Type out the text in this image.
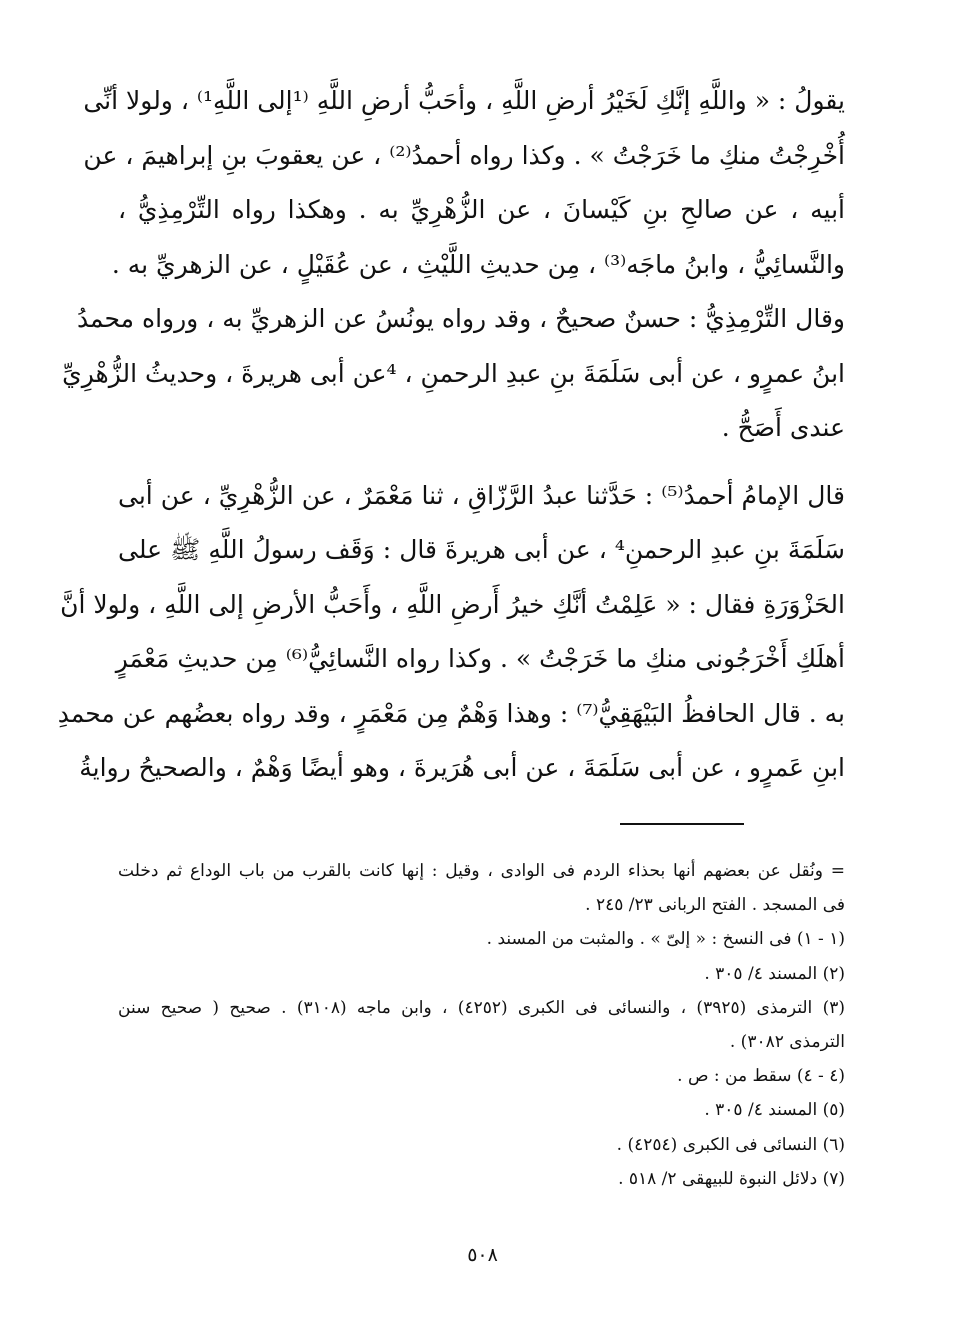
يقولُ : « واللَّهِ إنَّكِ لَخَيْرُ أرضِ اللَّهِ ، وأحَبُّ أرضِ اللَّهِ ⁽¹إلى اللَّهِ¹⁾ ، ولولا أنِّى
أُخْرِجْتُ منكِ ما خَرَجْتُ » . وكذا رواه أحمدُ⁽²⁾ ، عن يعقوبَ بنِ إبراهيمَ ، عن
أبيه ، عن صالحِ بنِ كَيْسانَ ، عن الزُّهْرِيِّ به . وهكذا رواه التِّرْمِذِيُّ ،
والنَّسائِيُّ ، وابنُ ماجَه⁽³⁾ ، مِن حديثِ اللَّيْثِ ، عن عُقَيْلٍ ، عن الزهريِّ به .
وقال التِّرْمِذِيُّ : حسنٌ صحيحٌ ، وقد رواه يونُسُ عن الزهريِّ به ، ورواه محمدُ
ابنُ عمرٍو ، عن أبى سَلَمَةَ بنِ عبدِ الرحمنِ ، ⁴عن أبى هريرةَ ، وحديثُ الزُّهْرِيِّ
عندى أَصَحُّ .
قال الإمامُ أحمدُ⁽⁵⁾ : حَدَّثنا عبدُ الرَّزّاقِ ، ثنا مَعْمَرٌ ، عن الزُّهْرِيِّ ، عن أبى
سَلَمَةَ بنِ عبدِ الرحمنِ⁴ ، عن أبى هريرةَ قال : وَقَف رسولُ اللَّهِ ﷺ على
الحَزْوَرَةِ فقال : « عَلِمْتُ أنَّكِ خيرُ أَرضِ اللَّهِ ، وأَحَبُّ الأرضِ إلى اللَّهِ ، ولولا أنَّ
أهلَكِ أَخْرَجُونى منكِ ما خَرَجْتُ » . وكذا رواه النَّسائِيُّ⁽⁶⁾ مِن حديثِ مَعْمَرٍ
به . قال الحافظُ البَيْهَقِيُّ⁽⁷⁾ : وهذا وَهْمٌ مِن مَعْمَرٍ ، وقد رواه بعضُهم عن محمدِ
ابنِ عَمرٍو ، عن أبى سَلَمَةَ ، عن أبى هُرَيرةَ ، وهو أيضًا وَهْمٌ ، والصحيحُ روايةُ
= ونُقل عن بعضهم أنها بحذاء الردم فى الوادى ، وقيل : إنها كانت بالقرب من باب الوداع ثم دخلت
فى المسجد . الفتح الربانى ٢٣/ ٢٤٥ .
(١ - ١) فى النسخ : « إلىّ » . والمثبت من المسند .
(٢) المسند ٤/ ٣٠٥ .
(٣) الترمذى (٣٩٢٥) ، والنسائى فى الكبرى (٤٢٥٢) ، وابن ماجه (٣١٠٨) . صحيح ( صحيح سنن
الترمذى ٣٠٨٢) .
(٤ - ٤) سقط من : ص .
(٥) المسند ٤/ ٣٠٥ .
(٦) النسائى فى الكبرى (٤٢٥٤) .
(٧) دلائل النبوة للبيهقى ٢/ ٥١٨ .
٥٠٨
